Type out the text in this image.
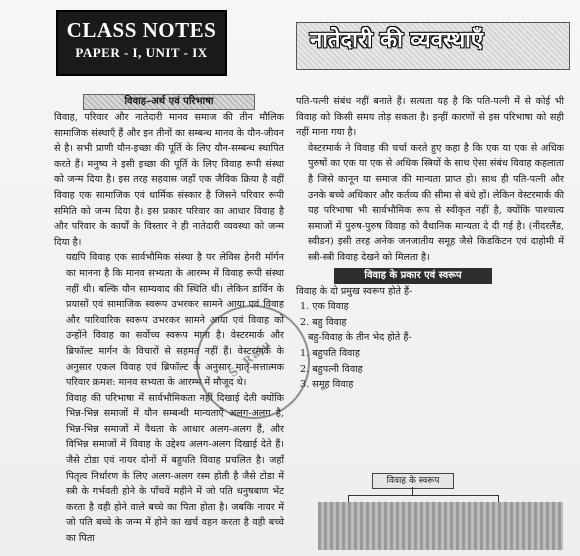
CLASS NOTES
PAPER - I, UNIT - IX	नातेदारी की व्यवस्थाएँ
विवाह–अर्थ एवं परिभाषा

विवाह, परिवार और नातेदारी मानव समाज की तीन मौलिक सामाजिक संस्थाएँ हैं और इन तीनों का सम्बन्ध मानव के यौन-जीवन से है। सभी प्राणी यौन-इच्छा की पूर्ति के लिए यौन-सम्बन्ध स्थापित करते हैं। मनुष्य ने इसी इच्छा की पूर्ति के लिए विवाह रूपी संस्था को जन्म दिया है। इस तरह सहवास जहाँ एक जैविक क्रिया है वहीं विवाह एक सामाजिक एवं धार्मिक संस्कार है जिसने परिवार रूपी समिति को जन्म दिया है। इस प्रकार परिवार का आधार विवाह है और परिवार के कार्यों के विस्तार ने ही नातेदारी व्यवस्था को जन्म दिया है।

यद्यपि विवाह एक सार्वभौमिक संस्था है पर लेविस हेनरी मॉर्गन का मानना है कि मानव सभ्यता के आरम्भ में विवाह रूपी संस्था नहीं थी। बल्कि यौन साम्यवाद की स्थिति थी। लेकिन डार्विन के प्रयासों एवं सामाजिक स्वरूप उभरकर सामने आया एवं विवाह और पारिवारिक स्वरूप उभरकर सामने आया एवं विवाह को उन्होंने विवाह का सर्वोच्च स्वरूप माना है। वेस्टरमार्क और ब्रिफॉल्ट मार्गन के विचारों से सहमत नहीं हैं। वेस्टरमार्क के अनुसार एकल विवाह एवं ब्रिफॉल्ट के अनुसार मातृ-सत्तात्मक परिवार क्रमश: मानव सभ्यता के आरम्भ में मौजूद थे।

विवाह की परिभाषा में सार्वभौमिकता नहीं दिखाई देती क्योंकि भिन्न-भिन्न समाजों में यौन सम्बन्धी मान्यताएँ अलग-अलग है, भिन्न-भिन्न समाजों में वैधता के आधार अलग-अलग हैं, और विभिन्न समाजों में विवाह के उद्देश्य अलग-अलग दिखाई देते हैं। जैसे टोडा एवं नायर दोनों में बहुपति विवाह प्रचलित है। जहाँ पितृत्व निर्धारण के लिए अलग-अलग रस्म होती है जैसे टोडा में स्त्री के गर्भवती होने के पाँचवें महीने में जो पति धनुषबाण भेंट करता है वही होने वाले बच्चे का पिता होता है। जबकि नायर में जो पति बच्चे के जन्म में होने का खर्च वहन करता है वही बच्चे का पिता

पति-पत्नी संबंध नहीं बनाते हैं। सत्यता यह है कि पति-पत्नी में से कोई भी विवाह को किसी समय तोड़ सकता है। इन्हीं कारणों से इस परिभाषा को सही नहीं माना गया है।

वेस्टरमार्क ने विवाह की चर्चा करते हुए कहा है कि एक या एक से अधिक पुरुषों का एक या एक से अधिक स्त्रियों के साथ ऐसा संबंध विवाह कहलाता है जिसे कानून या समाज की मान्यता प्राप्त हो। साथ ही पति-पत्नी और उनके बच्चे अधिकार और कर्तव्य की सीमा से बंधे हों। लेकिन वेस्टरमार्क की यह परिभाषा भी सार्वभौमिक रूप से स्वीकृत नहीं है, क्योंकि पाश्चात्य समाजों में पुरुष-पुरुष विवाह को वैधानिक मान्यता दे दी गई है। (नीदरलैंड, स्वीडन) इसी तरह अनेक जनजातीय समूह जैसे किडकिटन एवं दाहोमी में स्त्री-स्त्री विवाह देखने को मिलता है।

विवाह के प्रकार एवं स्वरूप

विवाह के दो प्रमुख स्वरूप होते हैं-

1. एक विवाह

2. बहु विवाह

बहु-विवाह के तीन भेद होते हैं-

1. बहुपति विवाह

2. बहुपत्नी विवाह

3. समूह विवाह

विवाह के स्वरूप
S. Raju
